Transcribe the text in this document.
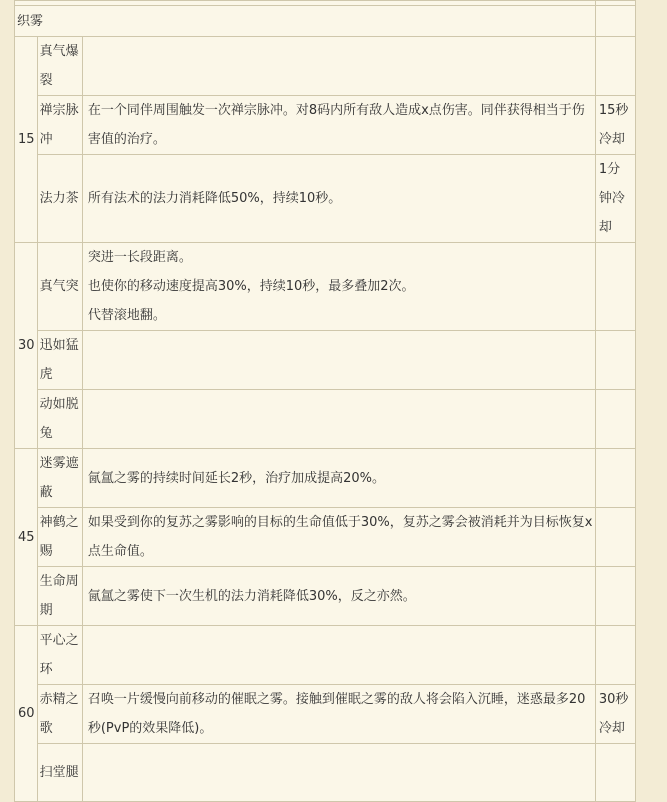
织雾			
15	真气爆裂		
	禅宗脉冲	在一个同伴周围触发一次禅宗脉冲。对8码内所有敌人造成x点伤害。同伴获得相当于伤害值的治疗。	15秒冷却
	法力茶	所有法术的法力消耗降低50%，持续10秒。	1分钟冷却
30	真气突	突进一长段距离。
也使你的移动速度提高30%，持续10秒，最多叠加2次。
代替滚地翻。	

	迅如猛虎		
	动如脱兔		
45	迷雾遮蔽	氤氲之雾的持续时间延长2秒，治疗加成提高20%。	
	神鹤之赐	如果受到你的复苏之雾影响的目标的生命值低于30%，复苏之雾会被消耗并为目标恢复x点生命值。	
	生命周期	氤氲之雾使下一次生机的法力消耗降低30%，反之亦然。	
60	平心之环		
	赤精之歌	召唤一片缓慢向前移动的催眠之雾。接触到催眠之雾的敌人将会陷入沉睡，迷惑最多20秒(PvP的效果降低)。	30秒冷却
	扫堂腿		
